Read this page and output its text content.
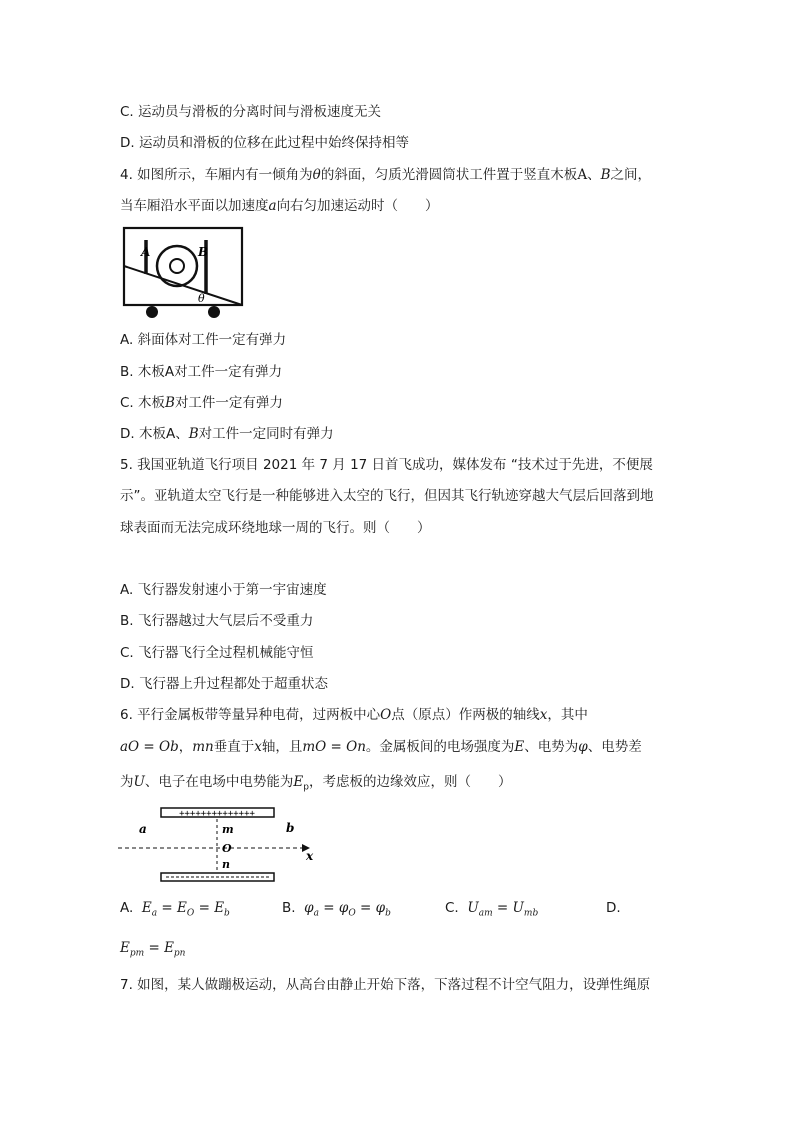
C. 运动员与滑板的分离时间与滑板速度无关
D. 运动员和滑板的位移在此过程中始终保持相等
4. 如图所示，车厢内有一倾角为θ的斜面，匀质光滑圆筒状工件置于竖直木板A、B之间，
当车厢沿水平面以加速度a向右匀加速运动时（　　）
A	B
θ
A. 斜面体对工件一定有弹力
B. 木板A对工件一定有弹力
C. 木板B对工件一定有弹力
D. 木板A、B对工件一定同时有弹力
5. 我国亚轨道飞行项目 2021 年 7 月 17 日首飞成功，媒体发布 “技术过于先进，不便展
示”。亚轨道太空飞行是一种能够进入太空的飞行，但因其飞行轨迹穿越大气层后回落到地
球表面而无法完成环绕地球一周的飞行。则（　　）
A. 飞行器发射速小于第一宇宙速度
B. 飞行器越过大气层后不受重力
C. 飞行器飞行全过程机械能守恒
D. 飞行器上升过程都处于超重状态
6. 平行金属板带等量异种电荷，过两板中心O点（原点）作两极的轴线x，其中
aO = Ob，mn垂直于x轴，且mO = On。金属板间的电场强度为E、电势为φ、电势差
为U、电子在电场中电势能为$E_p$，考虑板的边缘效应，则（　　）
++++++++++++++
a	b
m
O
n
x
A. $E_a = E_O = E_b$	B. $\varphi_a = \varphi_O = \varphi_b$	C. $U_{am} = U_{mb}$	D.
$E_{pm} = E_{pn}$
7. 如图，某人做蹦极运动，从高台由静止开始下落，下落过程不计空气阻力，设弹性绳原
